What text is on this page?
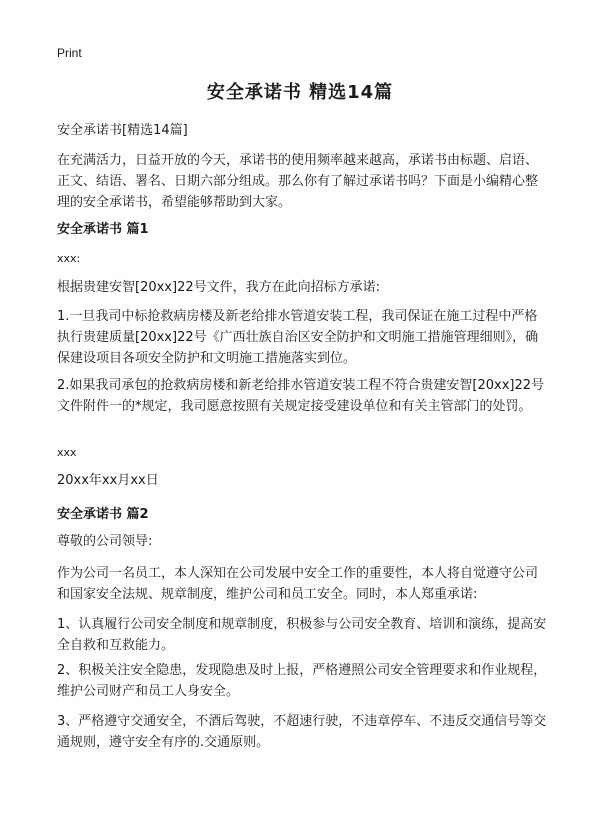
Print
安全承诺书 精选14篇
安全承诺书[精选14篇]
在充满活力，日益开放的今天，承诺书的使用频率越来越高，承诺书由标题、启语、正文、结语、署名、日期六部分组成。那么你有了解过承诺书吗？下面是小编精心整理的安全承诺书，希望能够帮助到大家。
安全承诺书 篇1
xxx:
根据贵建安智[20xx]22号文件，我方在此向招标方承诺:
1.一旦我司中标抢救病房楼及新老给排水管道安装工程，我司保证在施工过程中严格执行贵建质量[20xx]22号《广西壮族自治区安全防护和文明施工措施管理细则》，确保建设项目各项安全防护和文明施工措施落实到位。
2.如果我司承包的抢救病房楼和新老给排水管道安装工程不符合贵建安智[20xx]22号文件附件一的*规定，我司愿意按照有关规定接受建设单位和有关主管部门的处罚。
xxx
20xx年xx月xx日
安全承诺书 篇2
尊敬的公司领导:
作为公司一名员工，本人深知在公司发展中安全工作的重要性，本人将自觉遵守公司和国家安全法规、规章制度，维护公司和员工安全。同时，本人郑重承诺:
1、认真履行公司安全制度和规章制度，积极参与公司安全教育、培训和演练，提高安全自救和互救能力。
2、积极关注安全隐患，发现隐患及时上报，严格遵照公司安全管理要求和作业规程，维护公司财产和员工人身安全。
3、严格遵守交通安全，不酒后驾驶，不超速行驶，不违章停车、不违反交通信号等交通规则，遵守安全有序的.交通原则。
